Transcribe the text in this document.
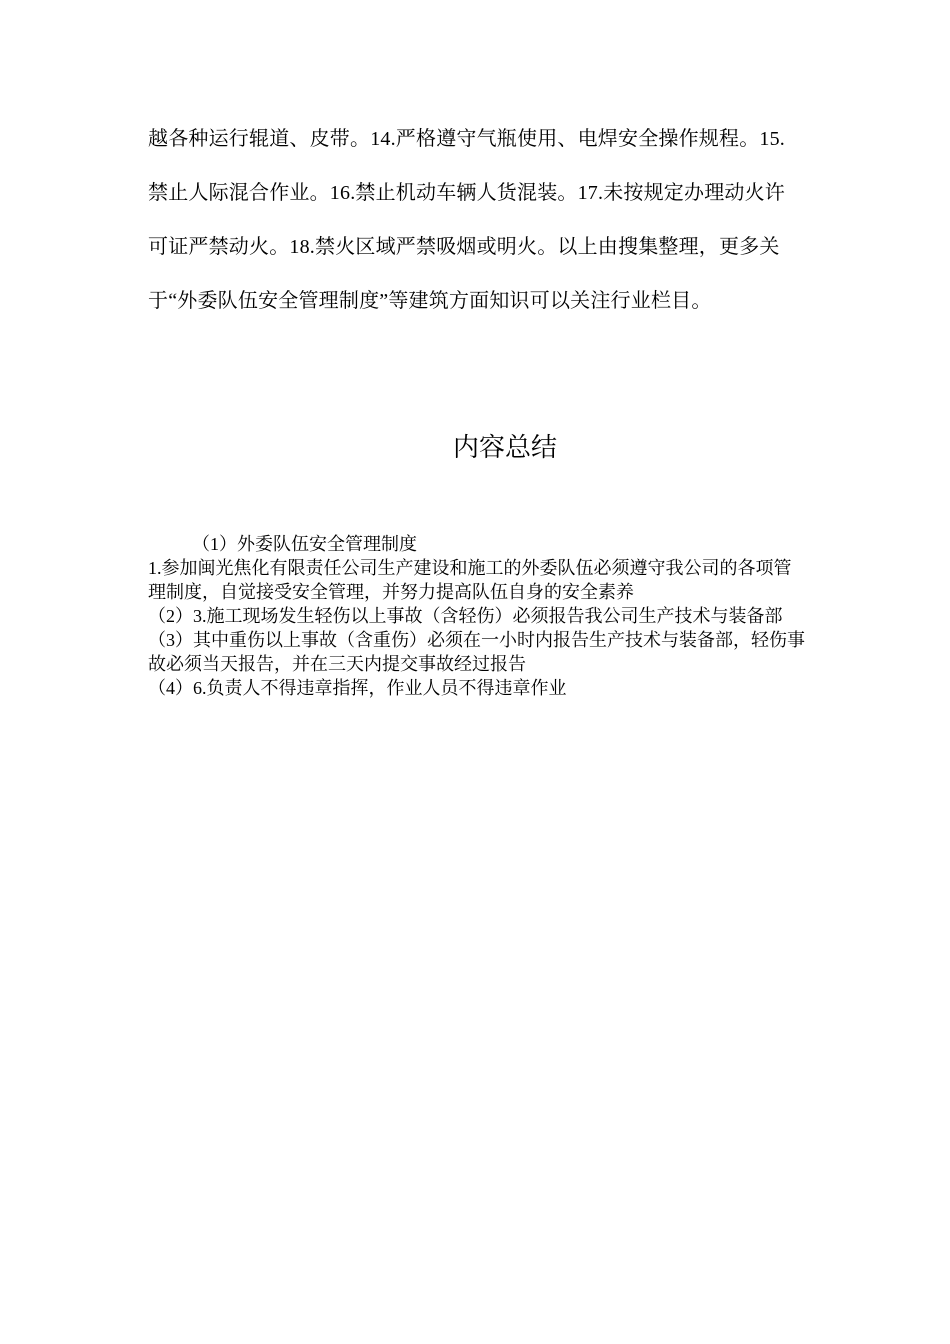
越各种运行辊道、皮带。14.严格遵守气瓶使用、电焊安全操作规程。15.禁止人际混合作业。16.禁止机动车辆人货混装。17.未按规定办理动火许可证严禁动火。18.禁火区域严禁吸烟或明火。以上由搜集整理，更多关于“外委队伍安全管理制度”等建筑方面知识可以关注行业栏目。

内容总结

（1）外委队伍安全管理制度

1.参加闽光焦化有限责任公司生产建设和施工的外委队伍必须遵守我公司的各项管理制度，自觉接受安全管理，并努力提高队伍自身的安全素养

（2）3.施工现场发生轻伤以上事故（含轻伤）必须报告我公司生产技术与装备部

（3）其中重伤以上事故（含重伤）必须在一小时内报告生产技术与装备部，轻伤事故必须当天报告，并在三天内提交事故经过报告

（4）6.负责人不得违章指挥，作业人员不得违章作业
